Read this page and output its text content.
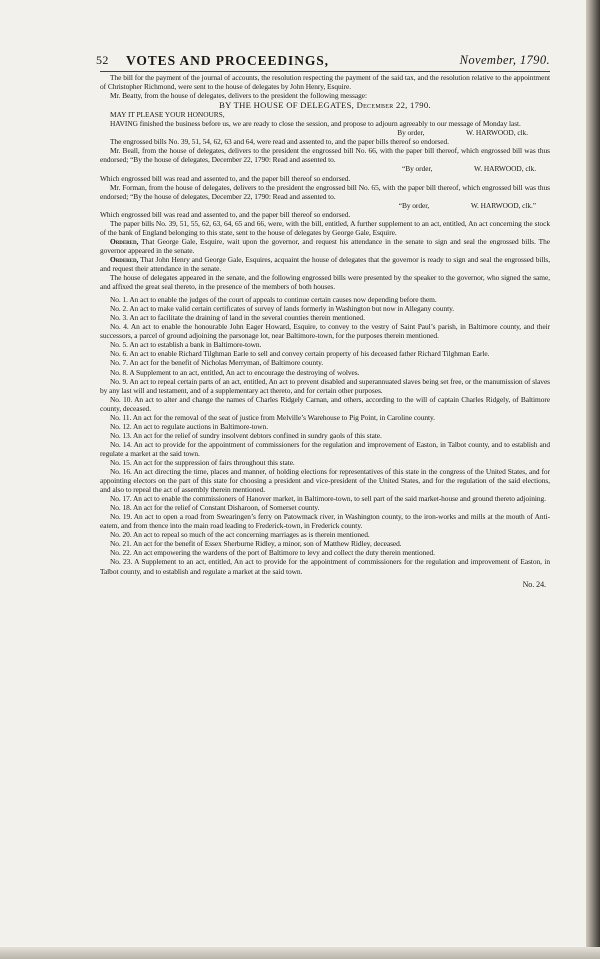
52 VOTES AND PROCEEDINGS,	November, 1790.

The bill for the payment of the journal of accounts, the resolution respecting the payment of the said tax, and the resolution relative to the appointment of Christopher Richmond, were sent to the house of delegates by John Henry, Esquire.

Mr. Beatty, from the house of delegates, delivers to the president the following message:

BY THE HOUSE OF DELEGATES, December 22, 1790.

MAY IT PLEASE YOUR HONOURS,

HAVING finished the business before us, we are ready to close the session, and propose to adjourn agreeably to our message of Monday last.

By order,	W. HARWOOD, clk.

The engrossed bills No. 39, 51, 54, 62, 63 and 64, were read and assented to, and the paper bills thereof so endorsed.

Mr. Beall, from the house of delegates, delivers to the president the engrossed bill No. 66, with the paper bill thereof, which engrossed bill was thus endorsed; “By the house of delegates, December 22, 1790: Read and assented to.

“By order,	W. HARWOOD, clk.

Which engrossed bill was read and assented to, and the paper bill thereof so endorsed.

Mr. Forman, from the house of delegates, delivers to the president the engrossed bill No. 65, with the paper bill thereof, which engrossed bill was thus endorsed; “By the house of delegates, December 22, 1790: Read and assented to.

“By order,	W. HARWOOD, clk.”

Which engrossed bill was read and assented to, and the paper bill thereof so endorsed.

The paper bills No. 39, 51, 55, 62, 63, 64, 65 and 66, were, with the bill, entitled, A further supplement to an act, entitled, An act concerning the stock of the bank of England belonging to this state, sent to the house of delegates by George Gale, Esquire.

Ordered, That George Gale, Esquire, wait upon the governor, and request his attendance in the senate to sign and seal the engrossed bills. The governor appeared in the senate.

Ordered, That John Henry and George Gale, Esquires, acquaint the house of delegates that the governor is ready to sign and seal the engrossed bills, and request their attendance in the senate.

The house of delegates appeared in the senate, and the following engrossed bills were presented by the speaker to the governor, who signed the same, and affixed the great seal thereto, in the presence of the members of both houses.

No. 1. An act to enable the judges of the court of appeals to continue certain causes now depending before them.

No. 2. An act to make valid certain certificates of survey of lands formerly in Washington but now in Allegany county.

No. 3. An act to facilitate the draining of land in the several counties therein mentioned.

No. 4. An act to enable the honourable John Eager Howard, Esquire, to convey to the vestry of Saint Paul’s parish, in Baltimore county, and their successors, a parcel of ground adjoining the parsonage lot, near Baltimore-town, for the purposes therein mentioned.

No. 5. An act to establish a bank in Baltimore-town.

No. 6. An act to enable Richard Tilghman Earle to sell and convey certain property of his deceased father Richard Tilghman Earle.

No. 7. An act for the benefit of Nicholas Merryman, of Baltimore county.

No. 8. A Supplement to an act, entitled, An act to encourage the destroying of wolves.

No. 9. An act to repeal certain parts of an act, entitled, An act to prevent disabled and superannuated slaves being set free, or the manumission of slaves by any last will and testament, and of a supplementary act thereto, and for certain other purposes.

No. 10. An act to alter and change the names of Charles Ridgely Carnan, and others, according to the will of captain Charles Ridgely, of Baltimore county, deceased.

No. 11. An act for the removal of the seat of justice from Melville’s Warehouse to Pig Point, in Caroline county.

No. 12. An act to regulate auctions in Baltimore-town.

No. 13. An act for the relief of sundry insolvent debtors confined in sundry gaols of this state.

No. 14. An act to provide for the appointment of commissioners for the regulation and improvement of Easton, in Talbot county, and to establish and regulate a market at the said town.

No. 15. An act for the suppression of fairs throughout this state.

No. 16. An act directing the time, places and manner, of holding elections for representatives of this state in the congress of the United States, and for appointing electors on the part of this state for choosing a president and vice-president of the United States, and for the regulation of the said elections, and also to repeal the act of assembly therein mentioned.

No. 17. An act to enable the commissioners of Hanover market, in Baltimore-town, to sell part of the said market-house and ground thereto adjoining.

No. 18. An act for the relief of Constant Disharoon, of Somerset county.

No. 19. An act to open a road from Swearingen’s ferry on Patowmack river, in Washington county, to the iron-works and mills at the mouth of Anti-eatem, and from thence into the main road leading to Frederick-town, in Frederick county.

No. 20. An act to repeal so much of the act concerning marriages as is therein mentioned.

No. 21. An act for the benefit of Essex Sherburne Ridley, a minor, son of Matthew Ridley, deceased.

No. 22. An act empowering the wardens of the port of Baltimore to levy and collect the duty therein mentioned.

No. 23. A Supplement to an act, entitled, An act to provide for the appointment of commissioners for the regulation and improvement of Easton, in Talbot county, and to establish and regulate a market at the said town.

No. 24.
